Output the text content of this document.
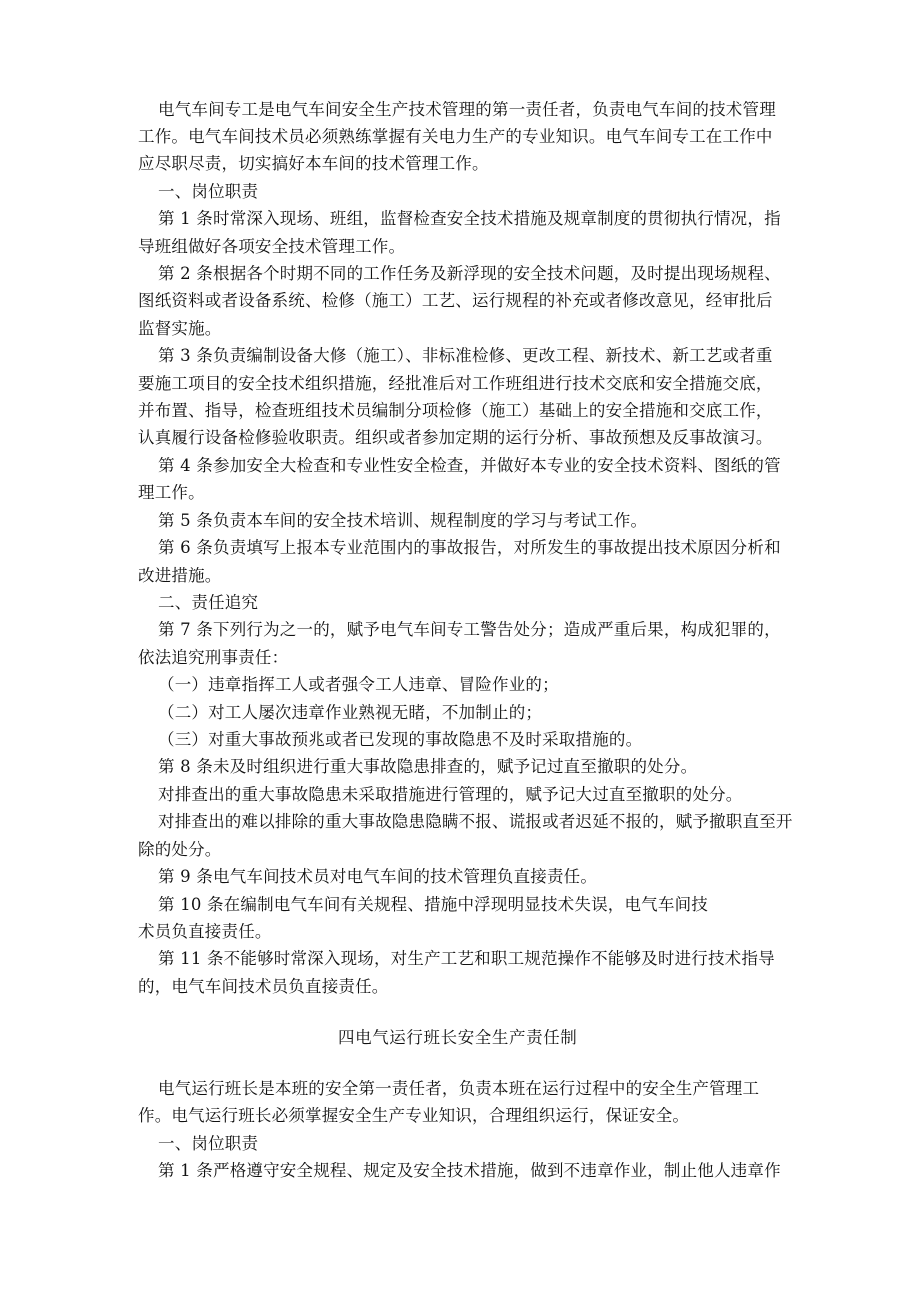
电气车间专工是电气车间安全生产技术管理的第一责任者，负责电气车间的技术管理
工作。电气车间技术员必须熟练掌握有关电力生产的专业知识。电气车间专工在工作中
应尽职尽责，切实搞好本车间的技术管理工作。
一、岗位职责
第 1 条时常深入现场、班组，监督检查安全技术措施及规章制度的贯彻执行情况，指
导班组做好各项安全技术管理工作。
第 2 条根据各个时期不同的工作任务及新浮现的安全技术问题，及时提出现场规程、
图纸资料或者设备系统、检修（施工）工艺、运行规程的补充或者修改意见，经审批后
监督实施。
第 3 条负责编制设备大修（施工）、非标准检修、更改工程、新技术、新工艺或者重
要施工项目的安全技术组织措施，经批准后对工作班组进行技术交底和安全措施交底，
并布置、指导，检查班组技术员编制分项检修（施工）基础上的安全措施和交底工作，
认真履行设备检修验收职责。组织或者参加定期的运行分析、事故预想及反事故演习。
第 4 条参加安全大检查和专业性安全检查，并做好本专业的安全技术资料、图纸的管
理工作。
第 5 条负责本车间的安全技术培训、规程制度的学习与考试工作。
第 6 条负责填写上报本专业范围内的事故报告，对所发生的事故提出技术原因分析和
改进措施。
二、责任追究
第 7 条下列行为之一的，赋予电气车间专工警告处分；造成严重后果，构成犯罪的，
依法追究刑事责任：
（一）违章指挥工人或者强令工人违章、冒险作业的；
（二）对工人屡次违章作业熟视无睹，不加制止的；
（三）对重大事故预兆或者已发现的事故隐患不及时采取措施的。
第 8 条未及时组织进行重大事故隐患排查的，赋予记过直至撤职的处分。
对排查出的重大事故隐患未采取措施进行管理的，赋予记大过直至撤职的处分。
对排查出的难以排除的重大事故隐患隐瞒不报、谎报或者迟延不报的，赋予撤职直至开
除的处分。
第 9 条电气车间技术员对电气车间的技术管理负直接责任。
第 10 条在编制电气车间有关规程、措施中浮现明显技术失误，电气车间技
术员负直接责任。
第 11 条不能够时常深入现场，对生产工艺和职工规范操作不能够及时进行技术指导
的，电气车间技术员负直接责任。
四电气运行班长安全生产责任制
电气运行班长是本班的安全第一责任者，负责本班在运行过程中的安全生产管理工
作。电气运行班长必须掌握安全生产专业知识，合理组织运行，保证安全。
一、岗位职责
第 1 条严格遵守安全规程、规定及安全技术措施，做到不违章作业，制止他人违章作
